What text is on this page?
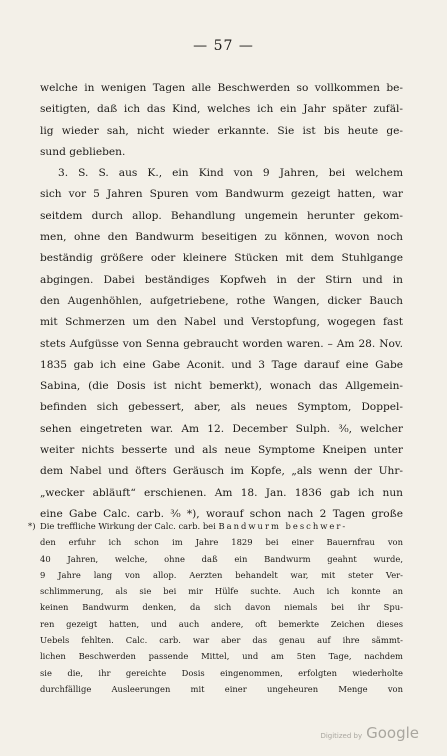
— 57 —
welche in wenigen Tagen alle Beschwerden so vollkommen be-
seitigten, daß ich das Kind, welches ich ein Jahr später zufäl-
lig wieder sah, nicht wieder erkannte. Sie ist bis heute ge-
sund geblieben.
3. S. S. aus K., ein Kind von 9 Jahren, bei welchem
sich vor 5 Jahren Spuren vom Bandwurm gezeigt hatten, war
seitdem durch allop. Behandlung ungemein herunter gekom-
men, ohne den Bandwurm beseitigen zu können, wovon noch
beständig größere oder kleinere Stücken mit dem Stuhlgange
abgingen. Dabei beständiges Kopfweh in der Stirn und in
den Augenhöhlen, aufgetriebene, rothe Wangen, dicker Bauch
mit Schmerzen um den Nabel und Verstopfung, wogegen fast
stets Aufgüsse von Senna gebraucht worden waren. – Am 28. Nov.
1835 gab ich eine Gabe Aconit. und 3 Tage darauf eine Gabe
Sabina, (die Dosis ist nicht bemerkt), wonach das Allgemein-
befinden sich gebessert, aber, als neues Symptom, Doppel-
sehen eingetreten war. Am 12. December Sulph. ³⁄₀, welcher
weiter nichts besserte und als neue Symptome Kneipen unter
dem Nabel und öfters Geräusch im Kopfe, „als wenn der Uhr-
„wecker abläuft“ erschienen. Am 18. Jan. 1836 gab ich nun
eine Gabe Calc. carb. ³⁄₀ *), worauf schon nach 2 Tagen große
*) Die treffliche Wirkung der Calc. carb. bei Bandwurm beschwer-
den erfuhr ich schon im Jahre 1829 bei einer Bauernfrau von
40 Jahren, welche, ohne daß ein Bandwurm geahnt wurde,
9 Jahre lang von allop. Aerzten behandelt war, mit steter Ver-
schlimmerung, als sie bei mir Hülfe suchte. Auch ich konnte an
keinen Bandwurm denken, da sich davon niemals bei ihr Spu-
ren gezeigt hatten, und auch andere, oft bemerkte Zeichen dieses
Uebels fehlten. Calc. carb. war aber das genau auf ihre sämmt-
lichen Beschwerden passende Mittel, und am 5ten Tage, nachdem
sie die, ihr gereichte Dosis eingenommen, erfolgten wiederholte
durchfällige Ausleerungen mit einer ungeheuren Menge von
Digitized by Google
